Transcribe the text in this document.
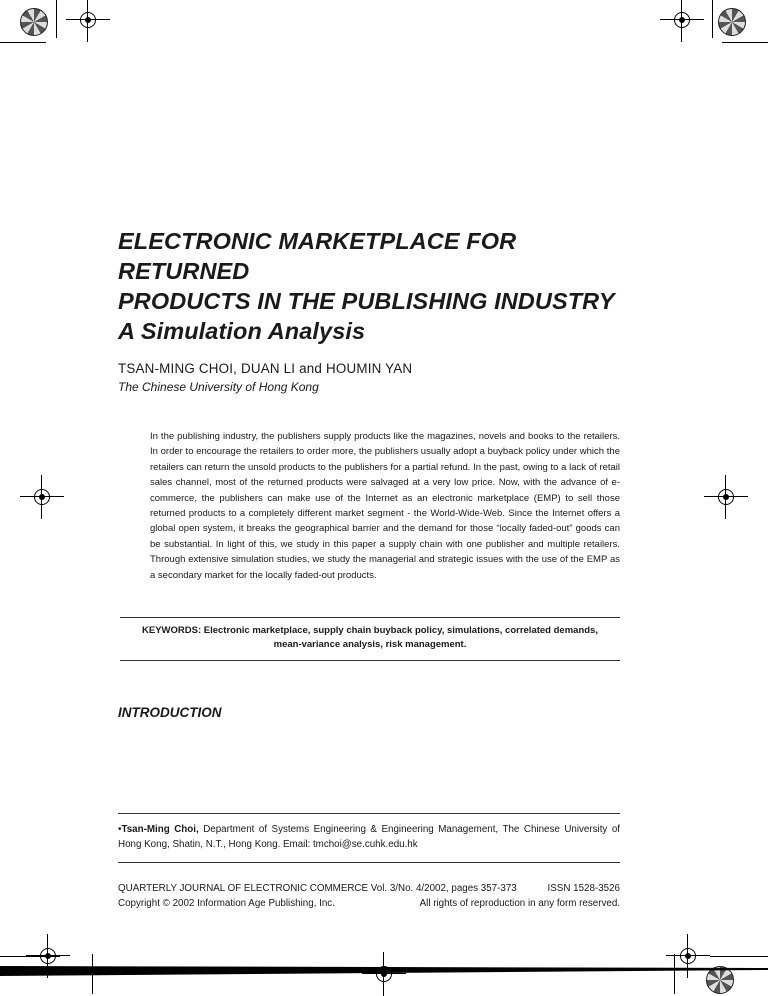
ELECTRONIC MARKETPLACE FOR RETURNED
PRODUCTS IN THE PUBLISHING INDUSTRY
A Simulation Analysis

TSAN-MING CHOI, DUAN LI and HOUMIN YAN

The Chinese University of Hong Kong

In the publishing industry, the publishers supply products like the magazines, novels and books to the retailers. In order to encourage the retailers to order more, the publishers usually adopt a buyback policy under which the retailers can return the unsold products to the publishers for a partial refund. In the past, owing to a lack of retail sales channel, most of the returned products were salvaged at a very low price. Now, with the advance of e-commerce, the publishers can make use of the Internet as an electronic marketplace (EMP) to sell those returned products to a completely different market segment - the World-Wide-Web. Since the Internet offers a global open system, it breaks the geographical barrier and the demand for those “locally faded-out” goods can be substantial. In light of this, we study in this paper a supply chain with one publisher and multiple retailers. Through extensive simulation studies, we study the managerial and strategic issues with the use of the EMP as a secondary market for the locally faded-out products.

KEYWORDS: Electronic marketplace, supply chain buyback policy, simulations, correlated demands,
mean-variance analysis, risk management.
INTRODUCTION

•Tsan-Ming Choi, Department of Systems Engineering & Engineering Management, The Chinese University of Hong Kong, Shatin, N.T., Hong Kong. Email: tmchoi@se.cuhk.edu.hk

QUARTERLY JOURNAL OF ELECTRONIC COMMERCE Vol. 3/No. 4/2002, pages 357-373	ISSN 1528-3526
Copyright © 2002 Information Age Publishing, Inc.	All rights of reproduction in any form reserved.
